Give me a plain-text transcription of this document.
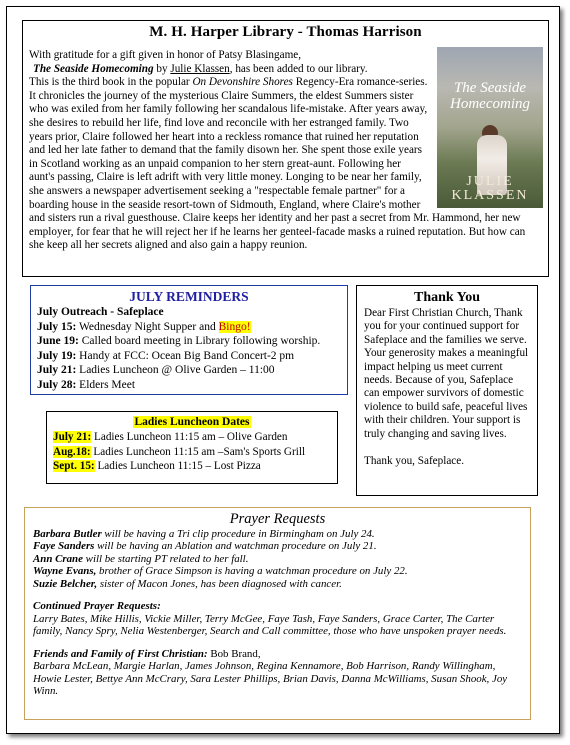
M. H. Harper Library - Thomas Harrison
The Seaside
Homecoming
JULIE
KLASSEN
With gratitude for a gift given in honor of Patsy Blasingame,
The Seaside Homecoming by Julie Klassen, has been added to our library.
This is the third book in the popular On Devonshire Shores Regency-Era romance-series. It chronicles the journey of the mysterious Claire Summers, the eldest Summers sister who was exiled from her family following her scandalous life-mistake. After years away, she desires to rebuild her life, find love and reconcile with her estranged family. Two years prior, Claire followed her heart into a reckless romance that ruined her reputation and led her late father to demand that the family disown her. She spent those exile years in Scotland working as an unpaid companion to her stern great-aunt. Following her aunt's passing, Claire is left adrift with very little money. Longing to be near her family, she answers a newspaper advertisement seeking a "respectable female partner" for a boarding house in the seaside resort-town of Sidmouth, England, where Claire's mother and sisters run a rival guesthouse. Claire keeps her identity and her past a secret from Mr. Hammond, her new employer, for fear that he will reject her if he learns her genteel-facade masks a ruined reputation. But how can she keep all her secrets aligned and also gain a happy reunion.
JULY REMINDERS
July Outreach - Safeplace
July 15: Wednesday Night Supper and Bingo!
June 19: Called board meeting in Library following worship.
July 19: Handy at FCC: Ocean Big Band Concert-2 pm
July 21: Ladies Luncheon @ Olive Garden – 11:00
July 28: Elders Meet
Thank You
Dear First Christian Church, Thank you for your continued support for Safeplace and the families we serve. Your generosity makes a meaningful impact helping us meet current needs. Because of you, Safeplace can empower survivors of domestic violence to build safe, peaceful lives with their children. Your support is truly changing and saving lives.
Thank you, Safeplace.
Ladies Luncheon Dates
July 21: Ladies Luncheon 11:15 am – Olive Garden
Aug.18: Ladies Luncheon 11:15 am –Sam's Sports Grill
Sept. 15: Ladies Luncheon 11:15 – Lost Pizza
Prayer Requests
Barbara Butler will be having a Tri clip procedure in Birmingham on July 24.
Faye Sanders will be having an Ablation and watchman procedure on July 21.
Ann Crane will be starting PT related to her fall.
Wayne Evans, brother of Grace Simpson is having a watchman procedure on July 22.
Suzie Belcher, sister of Macon Jones, has been diagnosed with cancer.
Continued Prayer Requests:
Larry Bates, Mike Hillis, Vickie Miller, Terry McGee, Faye Tash, Faye Sanders, Grace Carter, The Carter family, Nancy Spry, Nelia Westenberger, Search and Call committee, those who have unspoken prayer needs.
Friends and Family of First Christian: Bob Brand,
Barbara McLean, Margie Harlan, James Johnson, Regina Kennamore, Bob Harrison, Randy Willingham, Howie Lester, Bettye Ann McCrary, Sara Lester Phillips, Brian Davis, Danna McWilliams, Susan Shook, Joy Winn.
